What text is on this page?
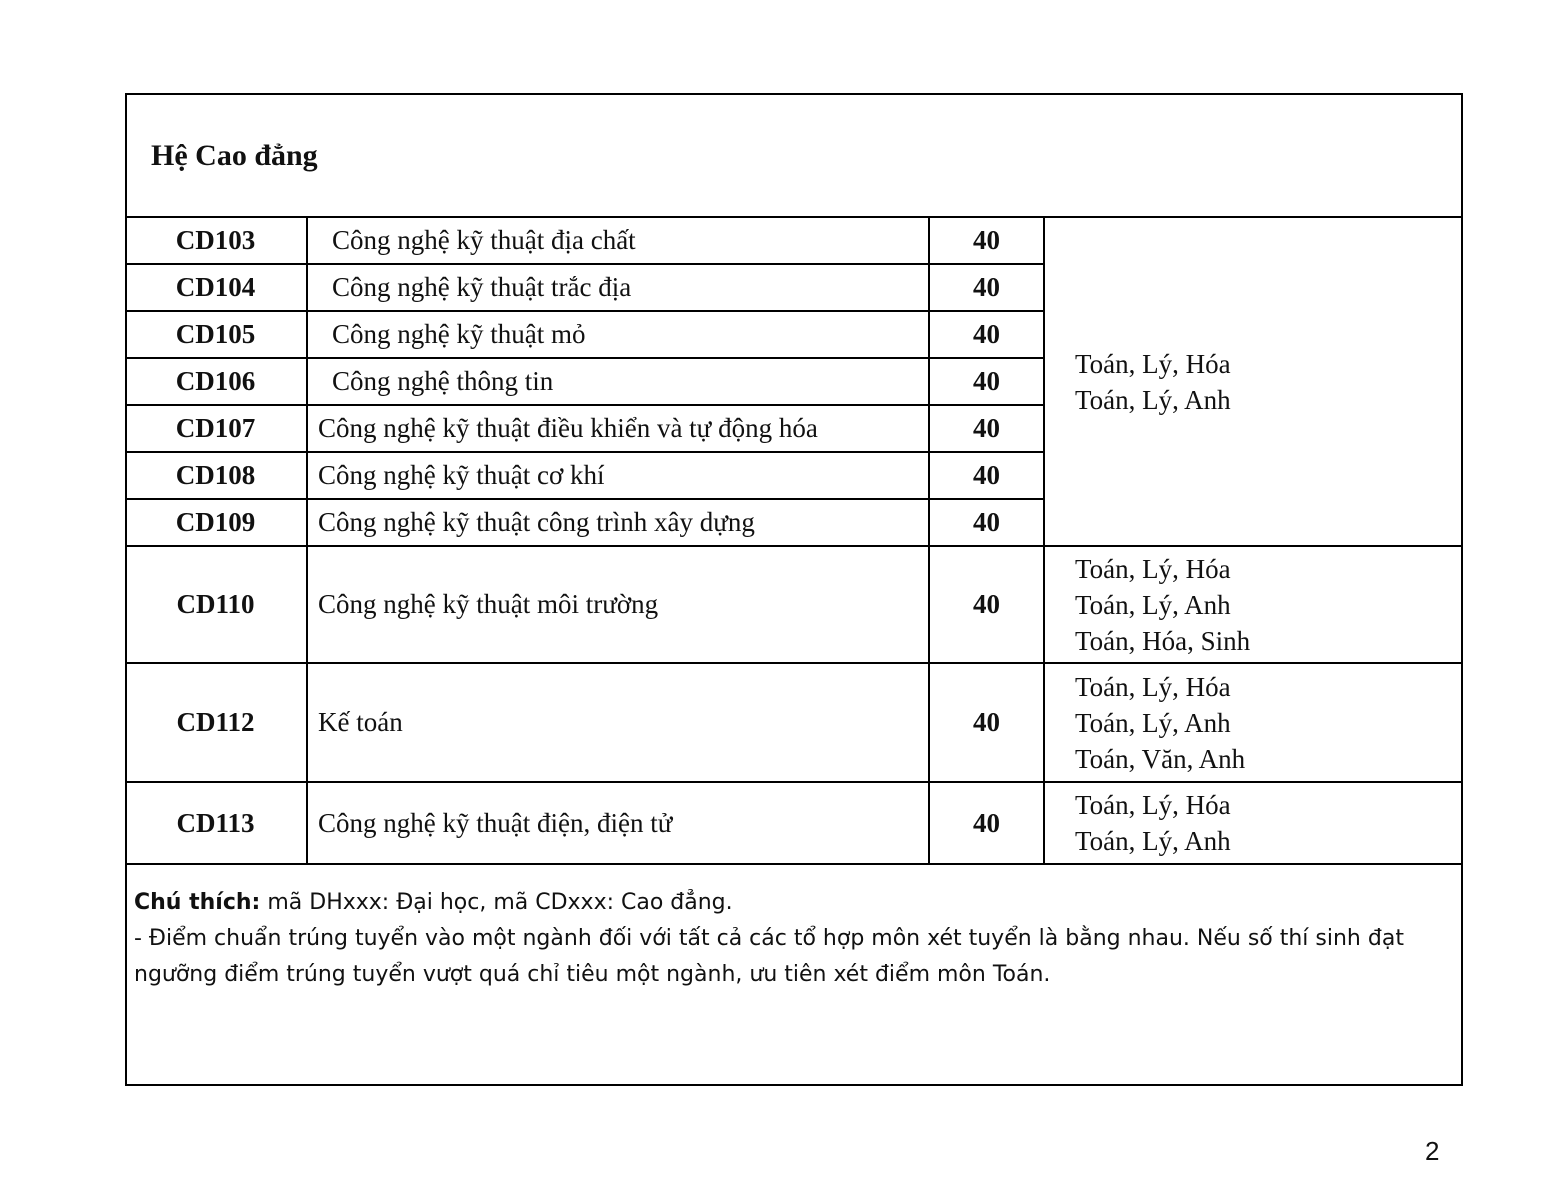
Hệ Cao đẳng
CD103	Công nghệ kỹ thuật địa chất	40	Toán, Lý, Hóa
Toán, Lý, Anh

CD104	Công nghệ kỹ thuật trắc địa	40	
CD105	Công nghệ kỹ thuật mỏ	40	
CD106	Công nghệ thông tin	40	
CD107	Công nghệ kỹ thuật điều khiển và tự động hóa	40	
CD108	Công nghệ kỹ thuật cơ khí	40	
CD109	Công nghệ kỹ thuật công trình xây dựng	40	
CD110	Công nghệ kỹ thuật môi trường	40	Toán, Lý, Hóa
Toán, Lý, Anh
Toán, Hóa, Sinh

CD112	Kế toán	40	Toán, Lý, Hóa
Toán, Lý, Anh
Toán, Văn, Anh

CD113	Công nghệ kỹ thuật điện, điện tử	40	Toán, Lý, Hóa
Toán, Lý, Anh
Chú thích: mã DHxxx: Đại học, mã CDxxx: Cao đẳng.
- Điểm chuẩn trúng tuyển vào một ngành đối với tất cả các tổ hợp môn xét tuyển là bằng nhau. Nếu số thí sinh đạt ngưỡng điểm trúng tuyển vượt quá chỉ tiêu một ngành, ưu tiên xét điểm môn Toán.
2
